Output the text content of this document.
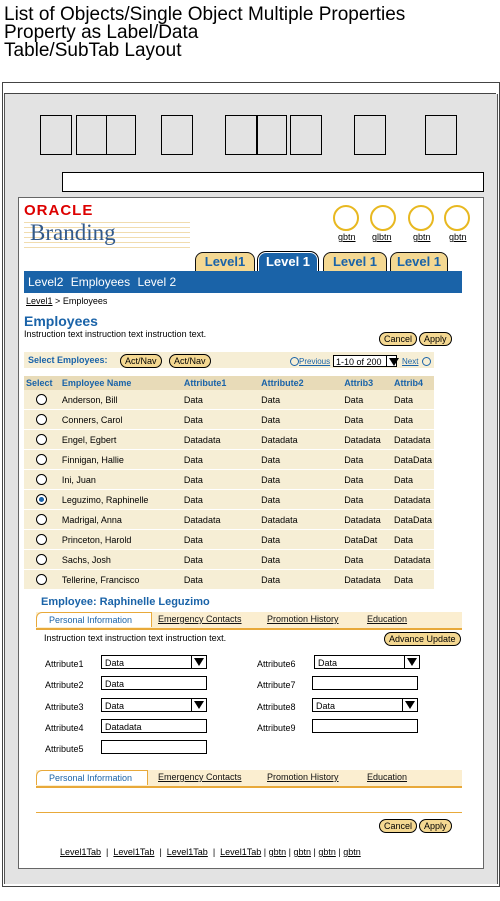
List of Objects/Single Object Multiple Properties
Property as Label/Data
Table/SubTab Layout
ORACLE
Branding	gbtn glbtn gbtn gbtn
Level1	Level 1	Level 1	Level 1
Level2 Employees Level 2
Level1 > Employees
Employees
Instruction text instruction text instruction text.	Cancel	Apply
Select Employees:	Act/Nav	Act/Nav	Previous 1-10 of 200	Next
Select	Employee Name	Attribute1	Attribute2	Attrib3	Attrib4
	Anderson, Bill	Data	Data	Data	Data
	Conners, Carol	Data	Data	Data	Data
	Engel, Egbert	Datadata	Datadata	Datadata	Datadata
	Finnigan, Hallie	Data	Data	Data	DataData
	Ini, Juan	Data	Data	Data	Data
	Leguzimo, Raphinelle	Data	Data	Data	Datadata
	Madrigal, Anna	Datadata	Datadata	Datadata	DataData
	Princeton, Harold	Data	Data	DataDat	Data
	Sachs, Josh	Data	Data	Data	Datadata
	Tellerine, Francisco	Data	Data	Datadata	Data
Employee: Raphinelle Leguzimo
Personal Information	Emergency Contacts	Promotion History	Education
Instruction text instruction text instruction text.	Advance Update
Attribute1	Data
Attribute2	Data
Attribute3	Data
Attribute4	Datadata
Attribute5
Attribute6	Data
Attribute7
Attribute8	Data
Attribute9
Personal Information	Emergency Contacts	Promotion History	Education
Cancel	Apply
Level1Tab  |  Level1Tab  |  Level1Tab  |  Level1Tab | gbtn | gbtn | gbtn | gbtn
